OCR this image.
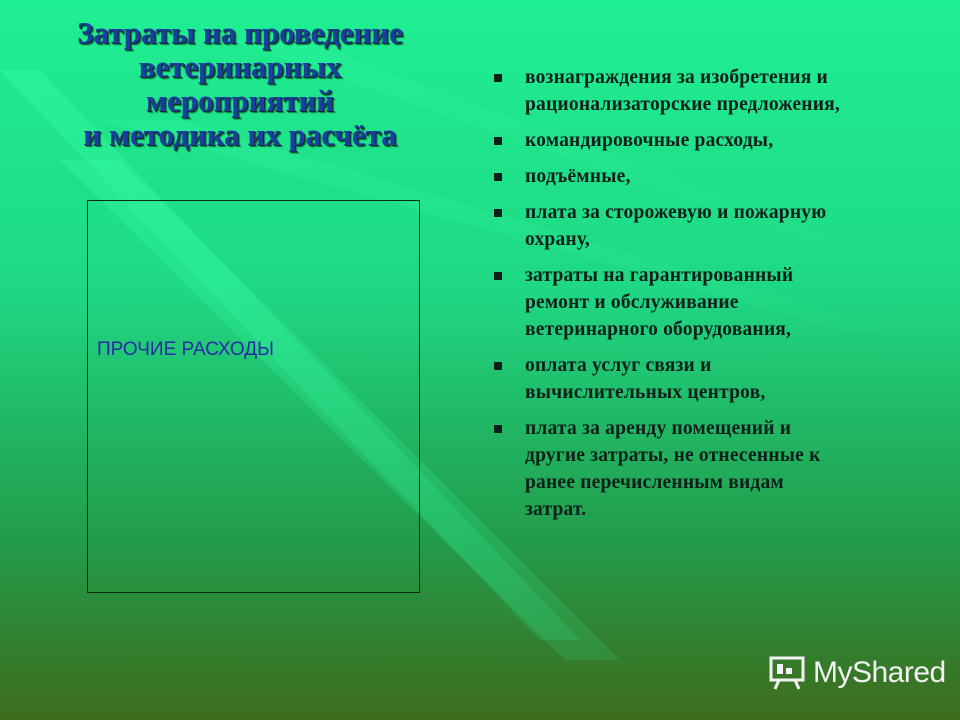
Затраты на проведение
ветеринарных
мероприятий
и методика их расчёта
ПРОЧИЕ РАСХОДЫ
вознаграждения за изобретения и
рационализаторские предложения,
командировочные расходы,
подъёмные,
плата за сторожевую и пожарную
охрану,
затраты на гарантированный
ремонт и обслуживание
ветеринарного оборудования,
оплата услуг связи и
вычислительных центров,
плата за аренду помещений и
другие затраты, не отнесенные к
ранее перечисленным видам
затрат.
MyShared
